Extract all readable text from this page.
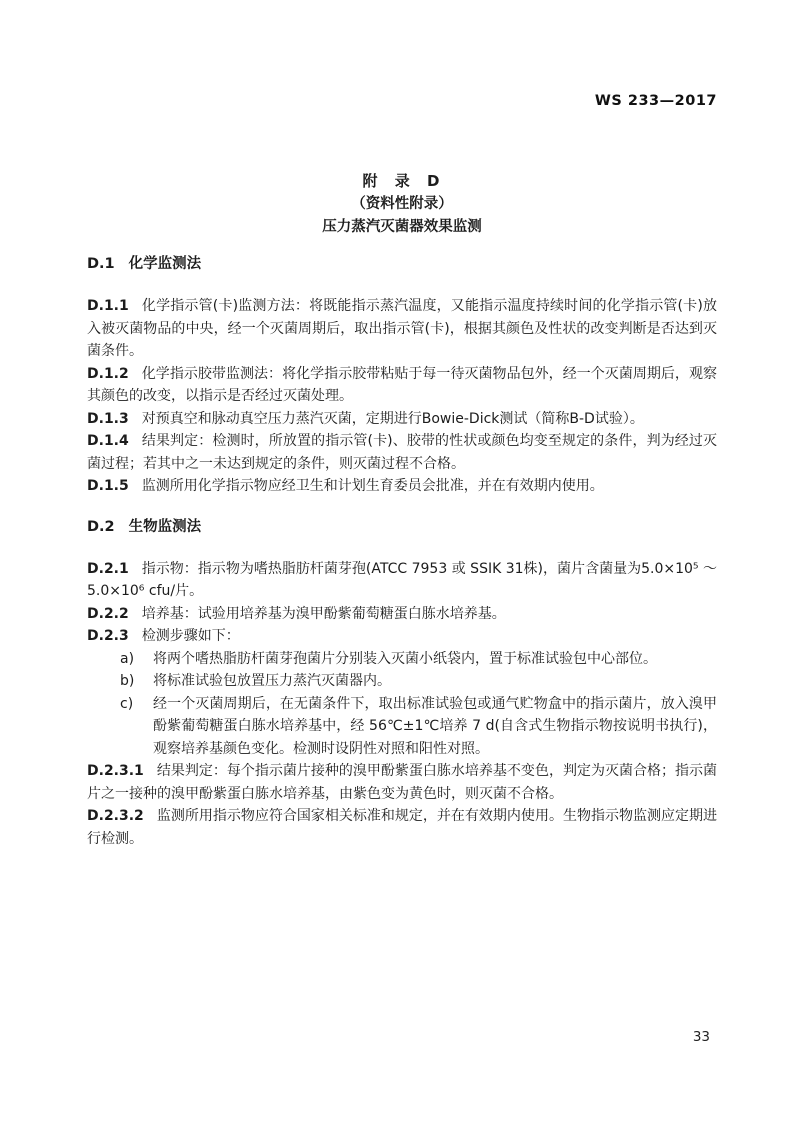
WS 233—2017
附 录 D
（资料性附录）
压力蒸汽灭菌器效果监测
D.1 化学监测法

D.1.1 化学指示管(卡)监测方法：将既能指示蒸汽温度，又能指示温度持续时间的化学指示管(卡)放入被灭菌物品的中央，经一个灭菌周期后，取出指示管(卡)，根据其颜色及性状的改变判断是否达到灭菌条件。

D.1.2 化学指示胶带监测法：将化学指示胶带粘贴于每一待灭菌物品包外，经一个灭菌周期后，观察其颜色的改变，以指示是否经过灭菌处理。

D.1.3 对预真空和脉动真空压力蒸汽灭菌，定期进行Bowie-Dick测试（简称B-D试验）。

D.1.4 结果判定：检测时，所放置的指示管(卡)、胶带的性状或颜色均变至规定的条件，判为经过灭菌过程；若其中之一未达到规定的条件，则灭菌过程不合格。

D.1.5 监测所用化学指示物应经卫生和计划生育委员会批准，并在有效期内使用。

D.2 生物监测法

D.2.1 指示物：指示物为嗜热脂肪杆菌芽孢(ATCC 7953 或 SSIK 31株)，菌片含菌量为5.0×10⁵ ～5.0×10⁶ cfu/片。

D.2.2 培养基：试验用培养基为溴甲酚紫葡萄糖蛋白胨水培养基。

D.2.3 检测步骤如下：

a) 将两个嗜热脂肪杆菌芽孢菌片分别装入灭菌小纸袋内，置于标准试验包中心部位。
b) 将标准试验包放置压力蒸汽灭菌器内。
c) 经一个灭菌周期后，在无菌条件下，取出标准试验包或通气贮物盒中的指示菌片，放入溴甲酚紫葡萄糖蛋白胨水培养基中，经 56℃±1℃培养 7 d(自含式生物指示物按说明书执行)，观察培养基颜色变化。检测时设阴性对照和阳性对照。

D.2.3.1 结果判定：每个指示菌片接种的溴甲酚紫蛋白胨水培养基不变色，判定为灭菌合格；指示菌片之一接种的溴甲酚紫蛋白胨水培养基，由紫色变为黄色时，则灭菌不合格。

D.2.3.2 监测所用指示物应符合国家相关标准和规定，并在有效期内使用。生物指示物监测应定期进行检测。

33
